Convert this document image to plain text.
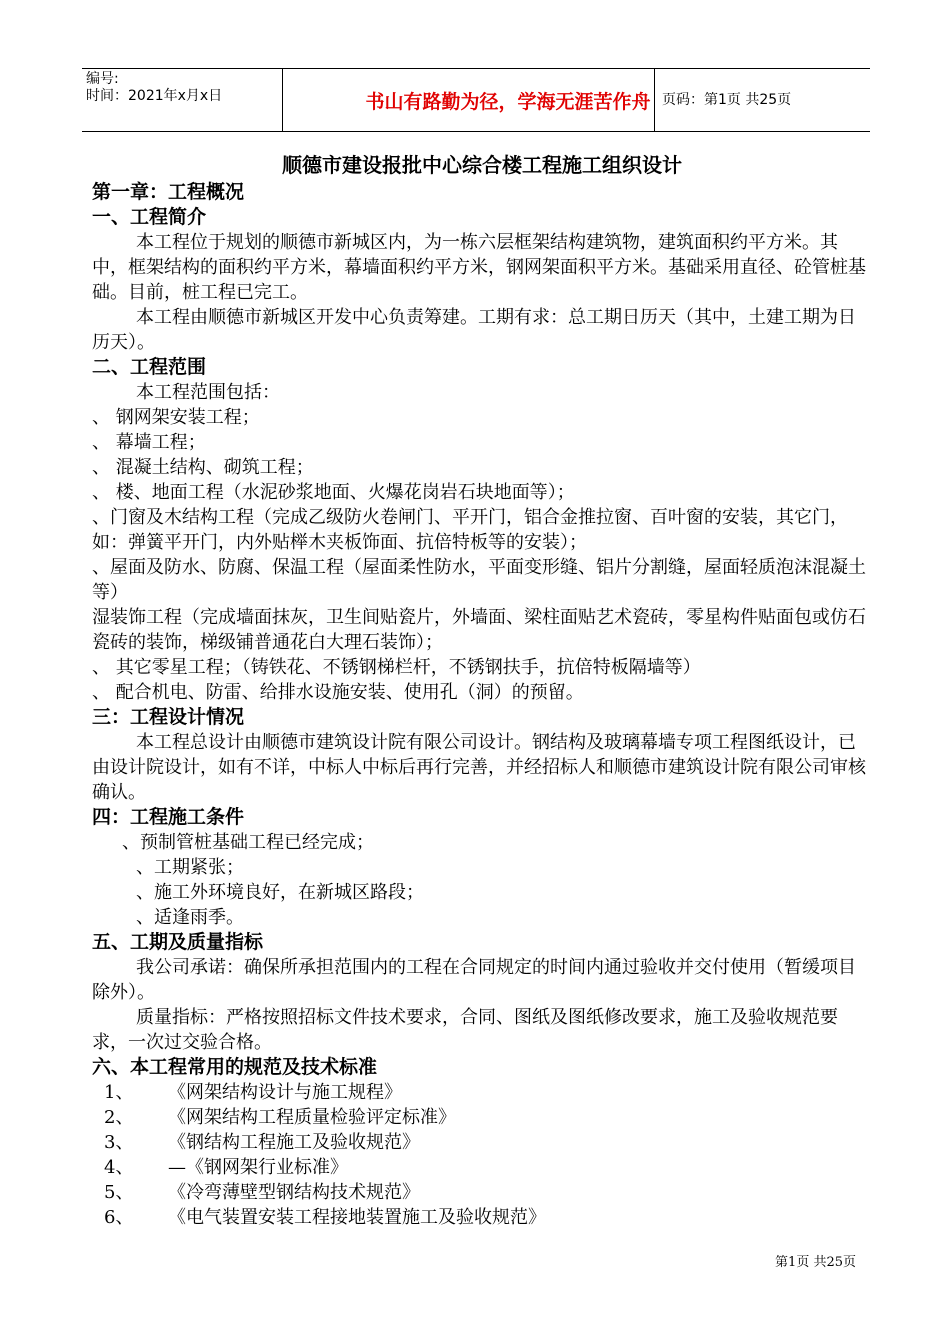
编号:
时间：2021年x月x日	书山有路勤为径，学海无涯苦作舟 页码：第1页 共25页
顺德市建设报批中心综合楼工程施工组织设计
第一章：工程概况
一、工程简介
本工程位于规划的顺德市新城区内，为一栋六层框架结构建筑物，建筑面积约平方米。其中，框架结构的面积约平方米，幕墙面积约平方米，钢网架面积平方米。基础采用直径、砼管桩基础。目前，桩工程已完工。
本工程由顺德市新城区开发中心负责筹建。工期有求：总工期日历天（其中，土建工期为日历天）。
二、工程范围
本工程范围包括：
、 钢网架安装工程；
、 幕墙工程；
、 混凝土结构、砌筑工程；
、 楼、地面工程（水泥砂浆地面、火爆花岗岩石块地面等）；
、门窗及木结构工程（完成乙级防火卷闸门、平开门，铝合金推拉窗、百叶窗的安装，其它门，如：弹簧平开门，内外贴榉木夹板饰面、抗倍特板等的安装）；
、屋面及防水、防腐、保温工程（屋面柔性防水，平面变形缝、铝片分割缝，屋面轻质泡沫混凝土等）
湿装饰工程（完成墙面抹灰，卫生间贴瓷片，外墙面、梁柱面贴艺术瓷砖，零星构件贴面包或仿石瓷砖的装饰，梯级铺普通花白大理石装饰）；
、 其它零星工程；（铸铁花、不锈钢梯栏杆，不锈钢扶手，抗倍特板隔墙等）
、 配合机电、防雷、给排水设施安装、使用孔（洞）的预留。
三：工程设计情况
本工程总设计由顺德市建筑设计院有限公司设计。钢结构及玻璃幕墙专项工程图纸设计，已由设计院设计，如有不详，中标人中标后再行完善，并经招标人和顺德市建筑设计院有限公司审核确认。
四：工程施工条件
、预制管桩基础工程已经完成；
、工期紧张；
、施工外环境良好，在新城区路段；
、适逢雨季。
五、工期及质量指标
我公司承诺：确保所承担范围内的工程在合同规定的时间内通过验收并交付使用（暂缓项目除外）。
质量指标：严格按照招标文件技术要求，合同、图纸及图纸修改要求，施工及验收规范要求，一次过交验合格。
六、本工程常用的规范及技术标准
1、 《网架结构设计与施工规程》
2、 《网架结构工程质量检验评定标准》
3、 《钢结构工程施工及验收规范》
4、 —《钢网架行业标准》
5、 《冷弯薄壁型钢结构技术规范》
6、 《电气装置安装工程接地装置施工及验收规范》
第1页 共25页
